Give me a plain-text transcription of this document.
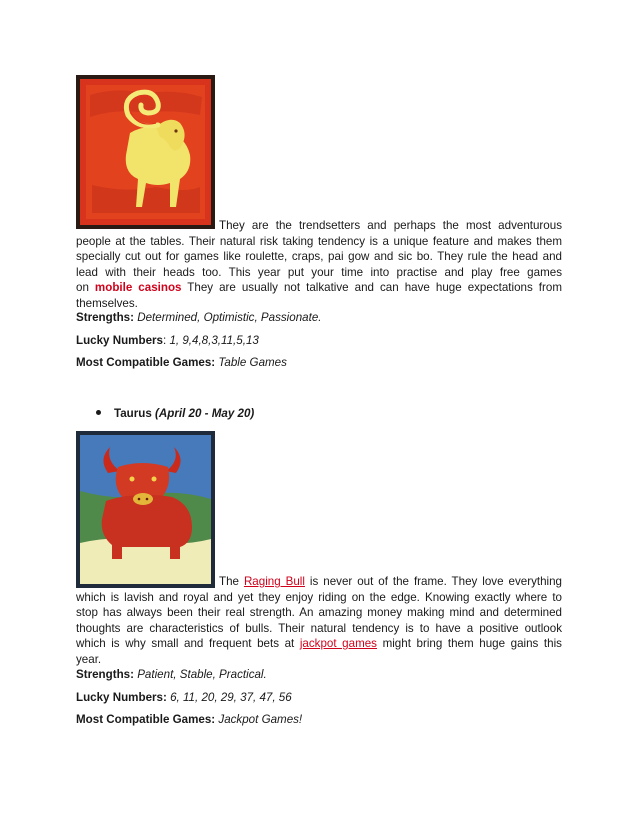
They are the trendsetters and perhaps the most adventurous
people at the tables. Their natural risk taking tendency is a unique feature and makes them
specially cut out for games like roulette, craps, pai gow and sic bo. They rule the head and
lead with their heads too. This year put your time into practise and play free games
on mobile casinos They are usually not talkative and can have huge expectations from
themselves.

Strengths: Determined, Optimistic, Passionate.
Lucky Numbers: 1, 9,4,8,3,11,5,13
Most Compatible Games: Table Games
Taurus (April 20 - May 20)

The Raging Bull is never out of the frame. They love everything
which is lavish and royal and yet they enjoy riding on the edge. Knowing exactly where to
stop has always been their real strength. An amazing money making mind and determined
thoughts are characteristics of bulls. Their natural tendency is to have a positive outlook
which is why small and frequent bets at jackpot games might bring them huge gains this
year.

Strengths: Patient, Stable, Practical.
Lucky Numbers: 6, 11, 20, 29, 37, 47, 56
Most Compatible Games: Jackpot Games!
